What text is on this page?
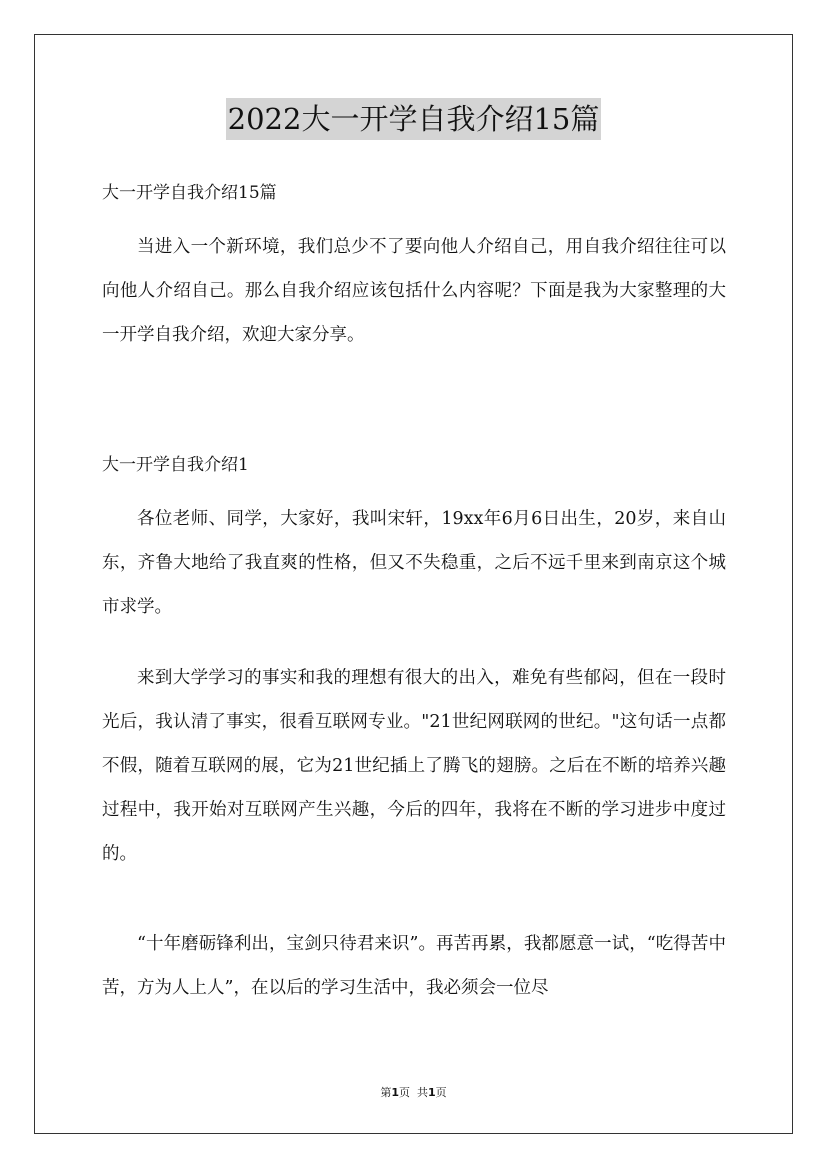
2022大一开学自我介绍15篇
大一开学自我介绍15篇

当进入一个新环境，我们总少不了要向他人介绍自己，用自我介绍往往可以向他人介绍自己。那么自我介绍应该包括什么内容呢？下面是我为大家整理的大一开学自我介绍，欢迎大家分享。

大一开学自我介绍1

各位老师、同学，大家好，我叫宋轩，19xx年6月6日出生，20岁，来自山东，齐鲁大地给了我直爽的性格，但又不失稳重，之后不远千里来到南京这个城市求学。

来到大学学习的事实和我的理想有很大的出入，难免有些郁闷，但在一段时光后，我认清了事实，很看互联网专业。"21世纪网联网的世纪。"这句话一点都不假，随着互联网的展，它为21世纪插上了腾飞的翅膀。之后在不断的培养兴趣过程中，我开始对互联网产生兴趣，今后的四年，我将在不断的学习进步中度过的。

“十年磨砺锋利出，宝剑只待君来识”。再苦再累，我都愿意一试，“吃得苦中苦，方为人上人”，在以后的学习生活中，我必须会一位尽

第1页  共1页
